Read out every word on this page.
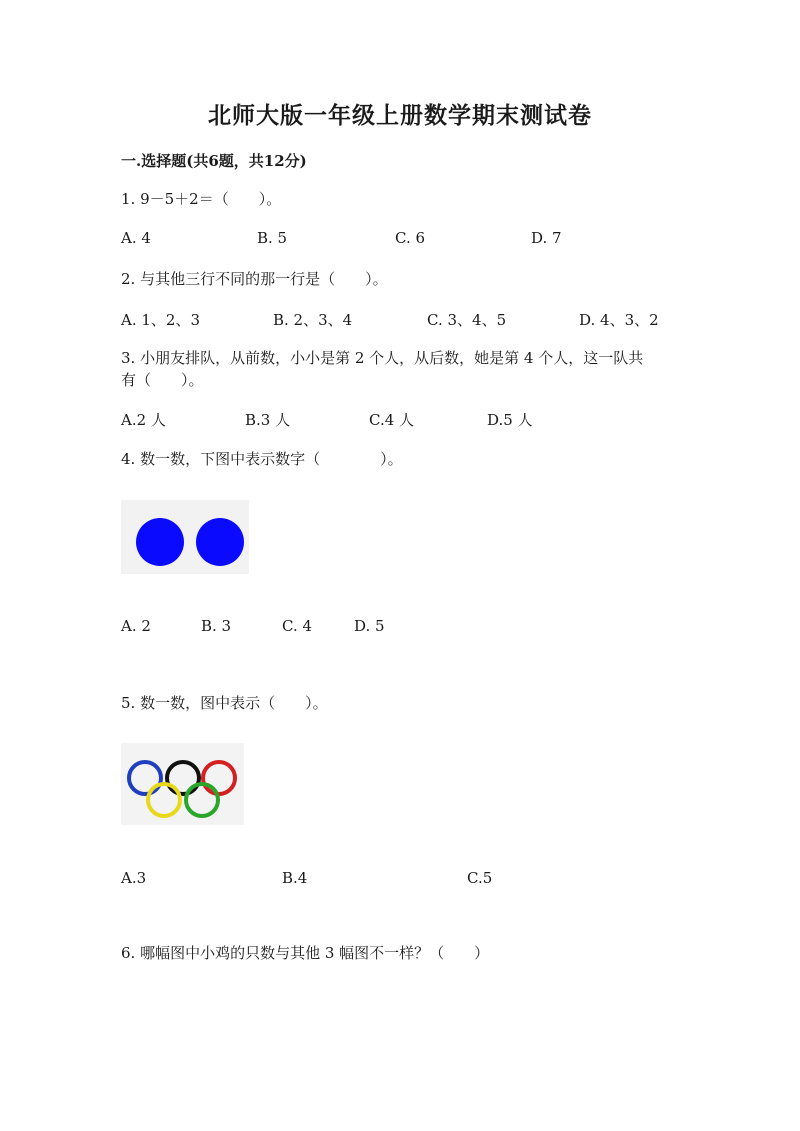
北师大版一年级上册数学期末测试卷
一.选择题(共6题，共12分)
1. 9－5＋2＝（　　）。
A. 4	B. 5	C. 6	D. 7
2. 与其他三行不同的那一行是（　　）。
A. 1、2、3	B. 2、3、4	C. 3、4、5	D. 4、3、2
3. 小朋友排队，从前数，小小是第 2 个人，从后数，她是第 4 个人，这一队共
有（　　）。
A.2 人	B.3 人	C.4 人	D.5 人
4. 数一数，下图中表示数字（　　　　）。
A. 2	B. 3	C. 4	D. 5
5. 数一数，图中表示（　　）。
A.3	B.4	C.5
6. 哪幅图中小鸡的只数与其他 3 幅图不一样？（　　）
